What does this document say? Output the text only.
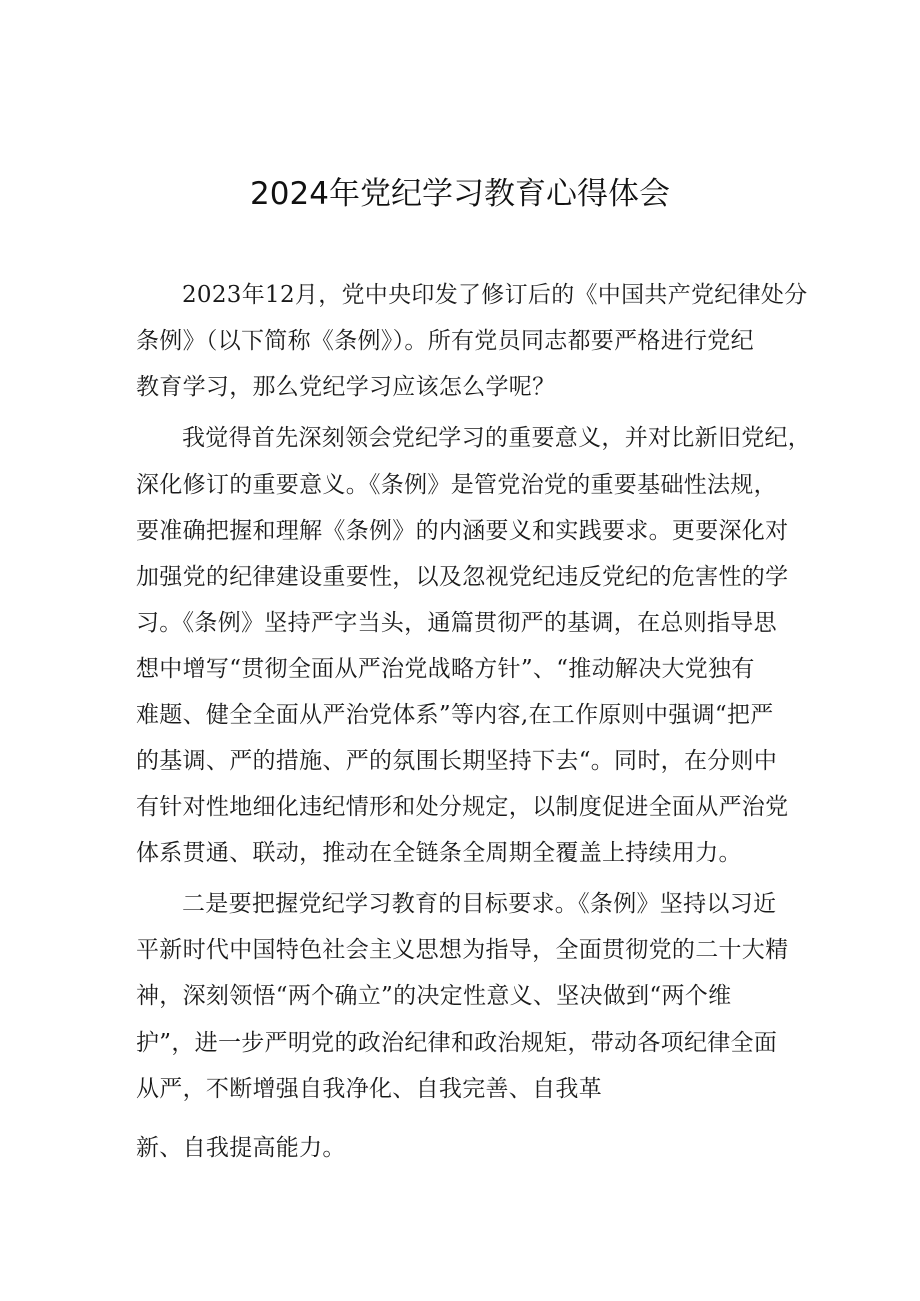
2024年党纪学习教育心得体会
2023年12月，党中央印发了修订后的《中国共产党纪律处分
条例》（以下简称《条例》）。所有党员同志都要严格进行党纪
教育学习，那么党纪学习应该怎么学呢？
我觉得首先深刻领会党纪学习的重要意义，并对比新旧党纪，
深化修订的重要意义。《条例》是管党治党的重要基础性法规，
要准确把握和理解《条例》的内涵要义和实践要求。更要深化对
加强党的纪律建设重要性，以及忽视党纪违反党纪的危害性的学
习。《条例》坚持严字当头，通篇贯彻严的基调，在总则指导思
想中增写“贯彻全面从严治党战略方针”、“推动解决大党独有
难题、健全全面从严治党体系”等内容,在工作原则中强调“把严
的基调、严的措施、严的氛围长期坚持下去“。同时，在分则中
有针对性地细化违纪情形和处分规定，以制度促进全面从严治党
体系贯通、联动，推动在全链条全周期全覆盖上持续用力。
二是要把握党纪学习教育的目标要求。《条例》坚持以习近
平新时代中国特色社会主义思想为指导，全面贯彻党的二十大精
神，深刻领悟“两个确立”的决定性意义、坚决做到“两个维
护”，进一步严明党的政治纪律和政治规矩，带动各项纪律全面
从严，不断增强自我净化、自我完善、自我革
新、自我提高能力。
